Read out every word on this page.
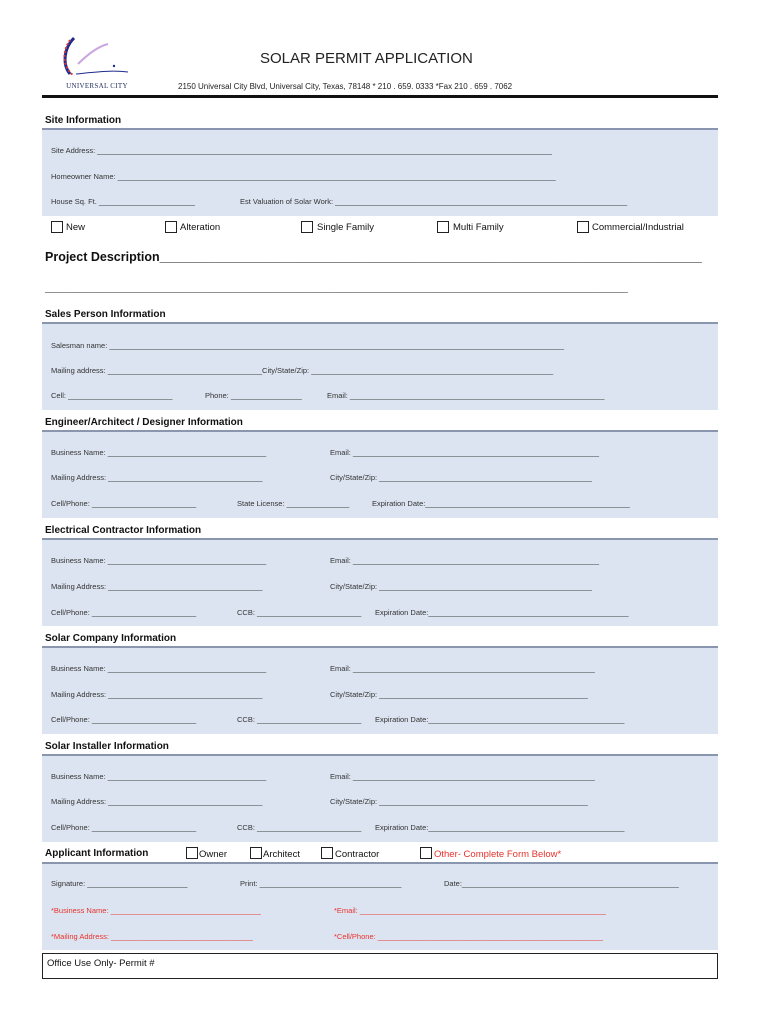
UNIVERSAL CITY
SOLAR PERMIT APPLICATION
2150 Universal City Blvd, Universal City, Texas, 78148 * 210 . 659. 0333 *Fax 210 . 659 . 7062
Site Information
Site Address: _____________________________________________________________________________________________________________
Homeowner Name: _________________________________________________________________________________________________________
House Sq. Ft. _______________________	Est Valuation of Solar Work: ______________________________________________________________________
New	Alteration	Single Family	Multi Family	Commercial/Industrial
Project Description______________________________________________________________________________
___________________________________________________________________________________________________________________________________
Sales Person Information
Salesman name: _____________________________________________________________________________________________________________
Mailing address: _____________________________________City/State/Zip: __________________________________________________________
Cell: _________________________	Phone: _________________	Email: _____________________________________________________________
Engineer/Architect / Designer Information
Business Name: ______________________________________	Email: ___________________________________________________________
Mailing Address: _____________________________________	City/State/Zip: ___________________________________________________
Cell/Phone: _________________________	State License: _______________	Expiration Date:_________________________________________________
Electrical Contractor Information
Business Name: ______________________________________	Email: ___________________________________________________________
Mailing Address: _____________________________________	City/State/Zip: ___________________________________________________
Cell/Phone: _________________________	CCB: _________________________ Expiration Date:________________________________________________
Solar Company Information
Business Name: ______________________________________	Email: __________________________________________________________
Mailing Address: _____________________________________	City/State/Zip: __________________________________________________
Cell/Phone: _________________________	CCB: _________________________ Expiration Date:_______________________________________________
Solar Installer Information
Business Name: ______________________________________	Email: __________________________________________________________
Mailing Address: _____________________________________	City/State/Zip: __________________________________________________
Cell/Phone: _________________________	CCB: _________________________ Expiration Date:_______________________________________________
Applicant Information	Owner	Architect	Contractor	Other- Complete Form Below*
Signature: ________________________	Print: __________________________________	Date:____________________________________________________
*Business Name: ____________________________________	*Email: ___________________________________________________________
*Mailing Address: __________________________________	*Cell/Phone: ______________________________________________________
Office Use Only- Permit #
